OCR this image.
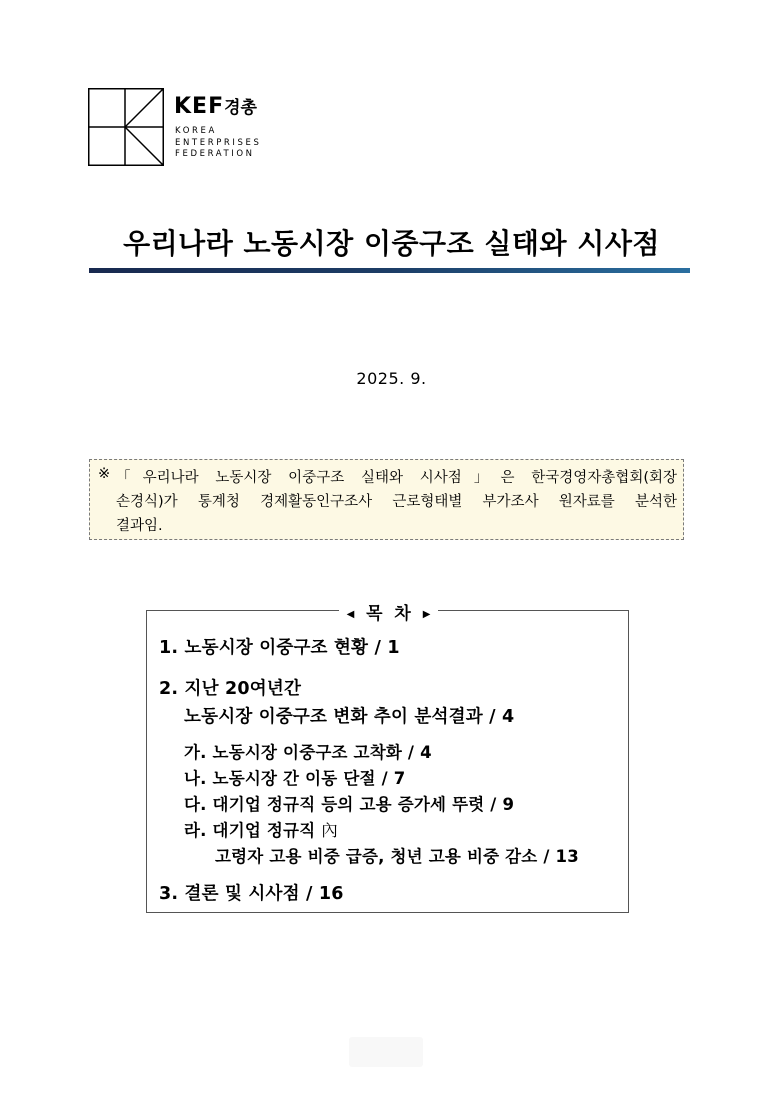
KEF경총
KOREA
ENTERPRISES
FEDERATION
우리나라 노동시장 이중구조 실태와 시사점
2025. 9.
※ 「우리나라 노동시장 이중구조 실태와 시사점」은 한국경영자총협회(회장
손경식)가 통계청 경제활동인구조사 근로형태별 부가조사 원자료를 분석한
결과임.
◀ 목  차 ▶
1. 노동시장 이중구조 현황 / 1
2. 지난 20여년간
노동시장 이중구조 변화 추이 분석결과 / 4
가. 노동시장 이중구조 고착화 / 4
나. 노동시장 간 이동 단절 / 7
다. 대기업 정규직 등의 고용 증가세 뚜렷 / 9
라. 대기업 정규직 內
고령자 고용 비중 급증, 청년 고용 비중 감소 / 13
3. 결론 및 시사점 / 16
